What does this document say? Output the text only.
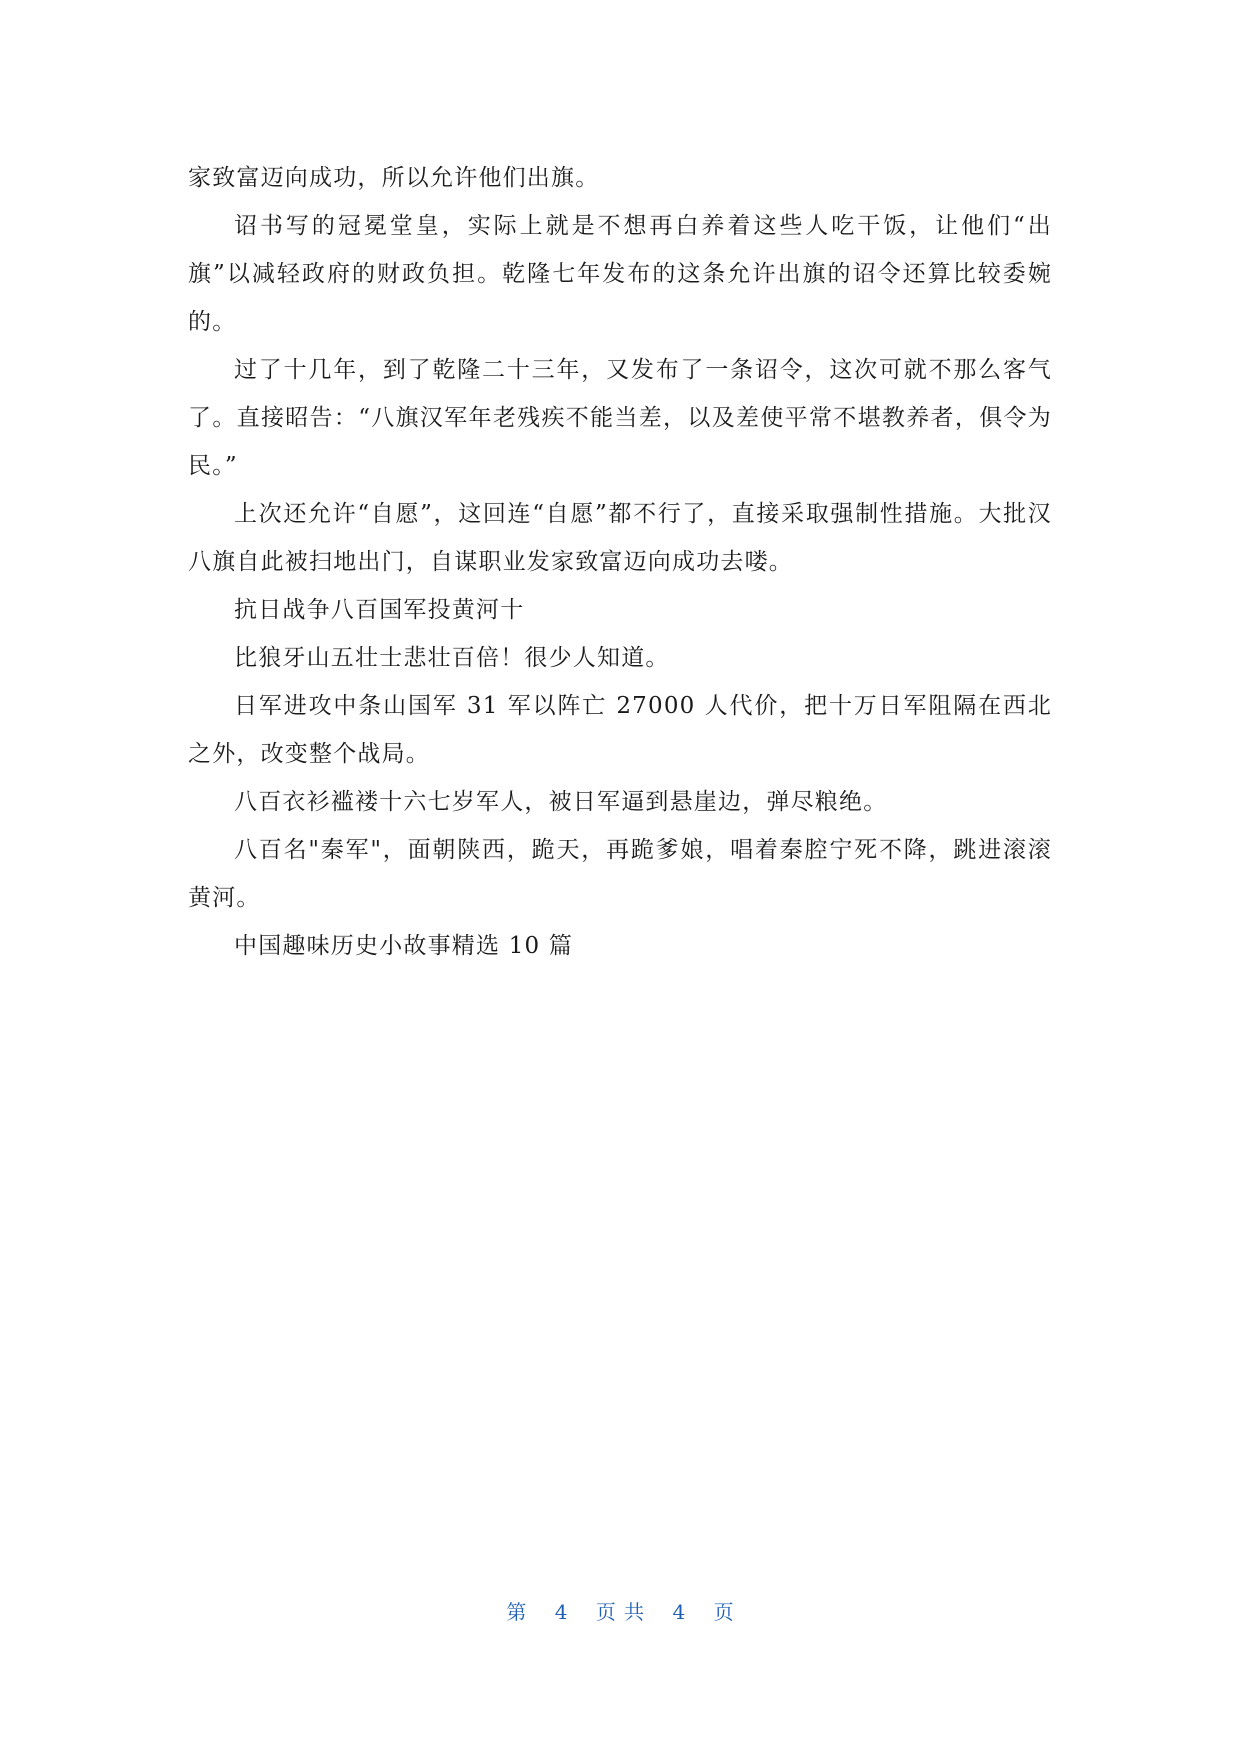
家致富迈向成功，所以允许他们出旗。

诏书写的冠冕堂皇，实际上就是不想再白养着这些人吃干饭，让他们“出旗”以减轻政府的财政负担。乾隆七年发布的这条允许出旗的诏令还算比较委婉的。

过了十几年，到了乾隆二十三年，又发布了一条诏令，这次可就不那么客气了。直接昭告：“八旗汉军年老残疾不能当差，以及差使平常不堪教养者，俱令为民。”

上次还允许“自愿”，这回连“自愿”都不行了，直接采取强制性措施。大批汉八旗自此被扫地出门，自谋职业发家致富迈向成功去喽。

抗日战争八百国军投黄河十

比狼牙山五壮士悲壮百倍！很少人知道。

日军进攻中条山国军 31 军以阵亡 27000 人代价，把十万日军阻隔在西北之外，改变整个战局。

八百衣衫褴褛十六七岁军人，被日军逼到悬崖边，弹尽粮绝。

八百名"秦军"，面朝陕西，跪天，再跪爹娘，唱着秦腔宁死不降，跳进滚滚黄河。

中国趣味历史小故事精选 10 篇

第 4 页 共 4 页
